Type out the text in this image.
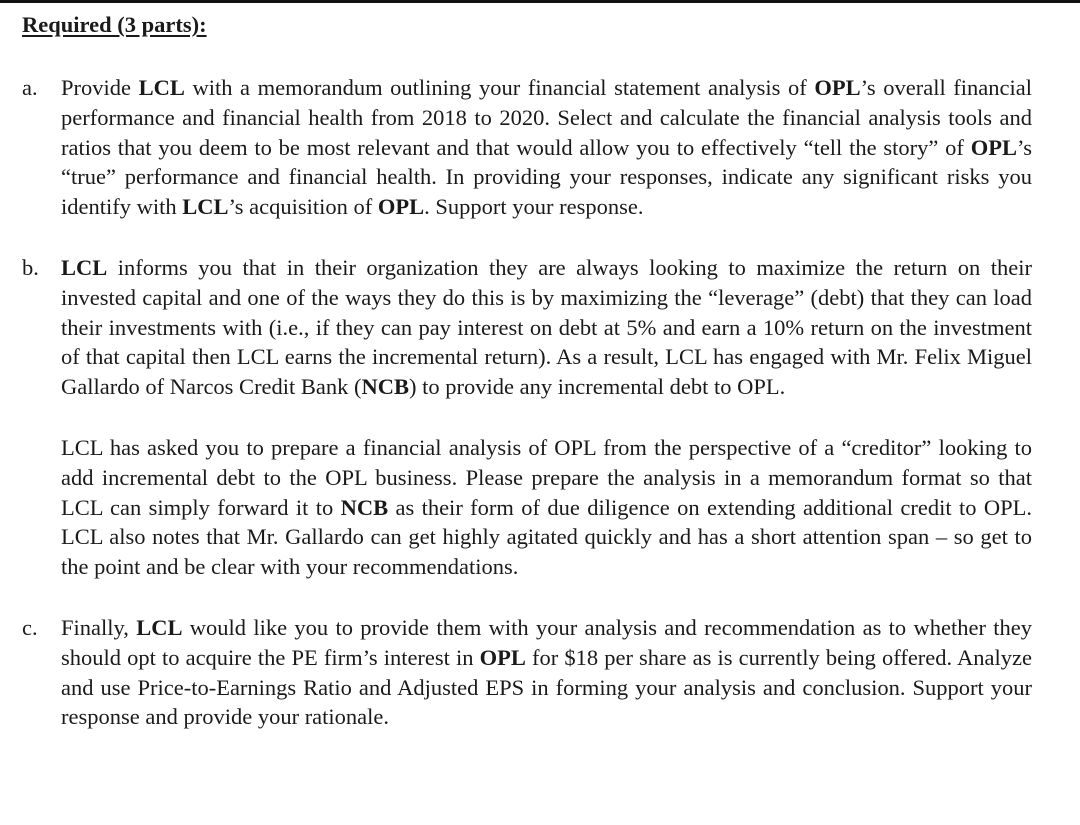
Required (3 parts):
a. Provide LCL with a memorandum outlining your financial statement analysis of OPL’s overall financial performance and financial health from 2018 to 2020. Select and calculate the financial analysis tools and ratios that you deem to be most relevant and that would allow you to effectively “tell the story” of OPL’s “true” performance and financial health. In providing your responses, indicate any significant risks you identify with LCL’s acquisition of OPL. Support your response.

b. LCL informs you that in their organization they are always looking to maximize the return on their invested capital and one of the ways they do this is by maximizing the “leverage” (debt) that they can load their investments with (i.e., if they can pay interest on debt at 5% and earn a 10% return on the investment of that capital then LCL earns the incremental return). As a result, LCL has engaged with Mr. Felix Miguel Gallardo of Narcos Credit Bank (NCB) to provide any incremental debt to OPL.

LCL has asked you to prepare a financial analysis of OPL from the perspective of a “creditor” looking to add incremental debt to the OPL business. Please prepare the analysis in a memorandum format so that LCL can simply forward it to NCB as their form of due diligence on extending additional credit to OPL. LCL also notes that Mr. Gallardo can get highly agitated quickly and has a short attention span – so get to the point and be clear with your recommendations.

c. Finally, LCL would like you to provide them with your analysis and recommendation as to whether they should opt to acquire the PE firm’s interest in OPL for $18 per share as is currently being offered. Analyze and use Price-to-Earnings Ratio and Adjusted EPS in forming your analysis and conclusion. Support your response and provide your rationale.
